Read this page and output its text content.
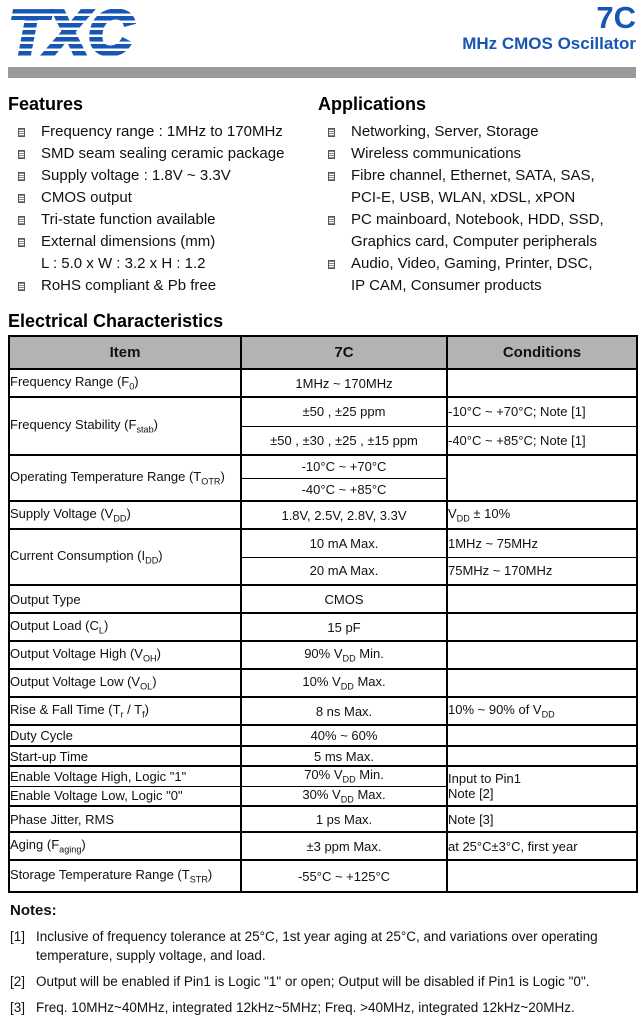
TXC	7C
MHz CMOS Oscillator
Features
Frequency range : 1MHz to 170MHz
SMD seam sealing ceramic package
Supply voltage : 1.8V ~ 3.3V
CMOS output
Tri-state function available
External dimensions (mm)
L : 5.0 x W : 3.2 x H : 1.2
RoHS compliant & Pb free
Applications
Networking, Server, Storage
Wireless communications
Fibre channel, Ethernet, SATA, SAS,
PCI-E, USB, WLAN, xDSL, xPON
PC mainboard, Notebook, HDD, SSD,
Graphics card, Computer peripherals
Audio, Video, Gaming, Printer, DSC,
IP CAM, Consumer products
Electrical Characteristics
Item	7C	Conditions
Frequency Range $(F_0)$	1MHz ~ 170MHz	
Frequency Stability $(F_{stab})$	±50 , ±25 ppm	-10°C ~ +70°C; Note [1]
	±50 , ±30 , ±25 , ±15 ppm	-40°C ~ +85°C; Note [1]
Operating Temperature Range $(T_{OTR})$	-10°C ~ +70°C	
	-40°C ~ +85°C	
Supply Voltage $(V_{DD})$	1.8V, 2.5V, 2.8V, 3.3V	$V_{DD} \pm 10\%$
Current Consumption $(I_{DD})$	10 mA Max.	1MHz ~ 75MHz
	20 mA Max.	75MHz ~ 170MHz
Output Type	CMOS	
Output Load $(C_L)$	15 pF	
Output Voltage High $(V_{OH})$	90% $V_{DD}$ Min.	
Output Voltage Low $(V_{OL})$	10% $V_{DD}$ Max.	
Rise & Fall Time $(T_r / T_f)$	8 ns Max.	10% ~ 90% of $V_{DD}$
Duty Cycle	40% ~ 60%	
Start-up Time	5 ms Max.	
Enable Voltage High, Logic "1"	70% $V_{DD}$ Min.	Input to Pin1
Note [2]
Enable Voltage Low, Logic "0"	30% $V_{DD}$ Max.	
Phase Jitter, RMS	1 ps Max.	Note [3]
Aging $(F_{aging})$	±3 ppm Max.	at 25°C±3°C, first year
Storage Temperature Range $(T_{STR})$	-55°C ~ +125°C	
Notes:
[1] Inclusive of frequency tolerance at 25°C, 1st year aging at 25°C, and variations over operating temperature, supply voltage, and load.
[2] Output will be enabled if Pin1 is Logic "1" or open; Output will be disabled if Pin1 is Logic "0".
[3] Freq. 10MHz~40MHz, integrated 12kHz~5MHz; Freq. >40MHz, integrated 12kHz~20MHz.
